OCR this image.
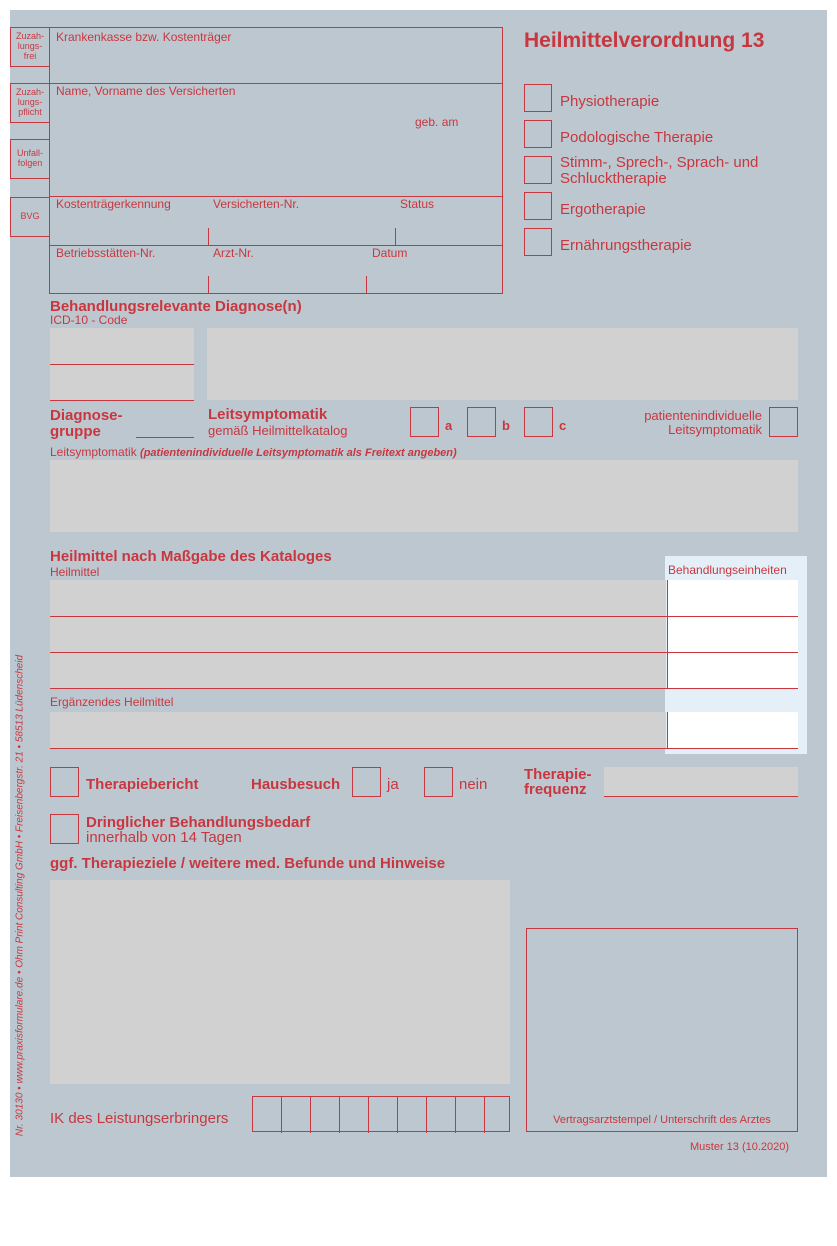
Heilmittelverordnung 13
Zuzah-
lungs-
frei
Zuzah-
lungs-
pflicht
Unfall-
folgen
BVG
Krankenkasse bzw. Kostenträger
Name, Vorname des Versicherten
geb. am
Kostenträgerkennung	Versicherten-Nr.	Status
Betriebsstätten-Nr.	Arzt-Nr.	Datum
Physiotherapie
Podologische Therapie
Stimm-, Sprech-, Sprach- und
Schlucktherapie
Ergotherapie
Ernährungstherapie
Behandlungsrelevante Diagnose(n)
ICD-10 - Code
Diagnose-
gruppe
Leitsymptomatik
gemäß Heilmittelkatalog	a	b	c
patientenindividuelle
Leitsymptomatik
Leitsymptomatik (patientenindividuelle Leitsymptomatik als Freitext angeben)
Heilmittel nach Maßgabe des Kataloges
Heilmittel	Behandlungseinheiten
Ergänzendes Heilmittel
Therapiebericht	Hausbesuch	ja	nein
Therapie-
frequenz
Dringlicher Behandlungsbedarf
innerhalb von 14 Tagen
ggf. Therapieziele / weitere med. Befunde und Hinweise
Vertragsarztstempel / Unterschrift des Arztes
IK des Leistungserbringers
Muster 13 (10.2020)
Nr. 30130 • www.praxisformulare.de • Ohm Print Consulting GmbH • Freisenbergstr. 21 • 58513 Lüdenscheid
